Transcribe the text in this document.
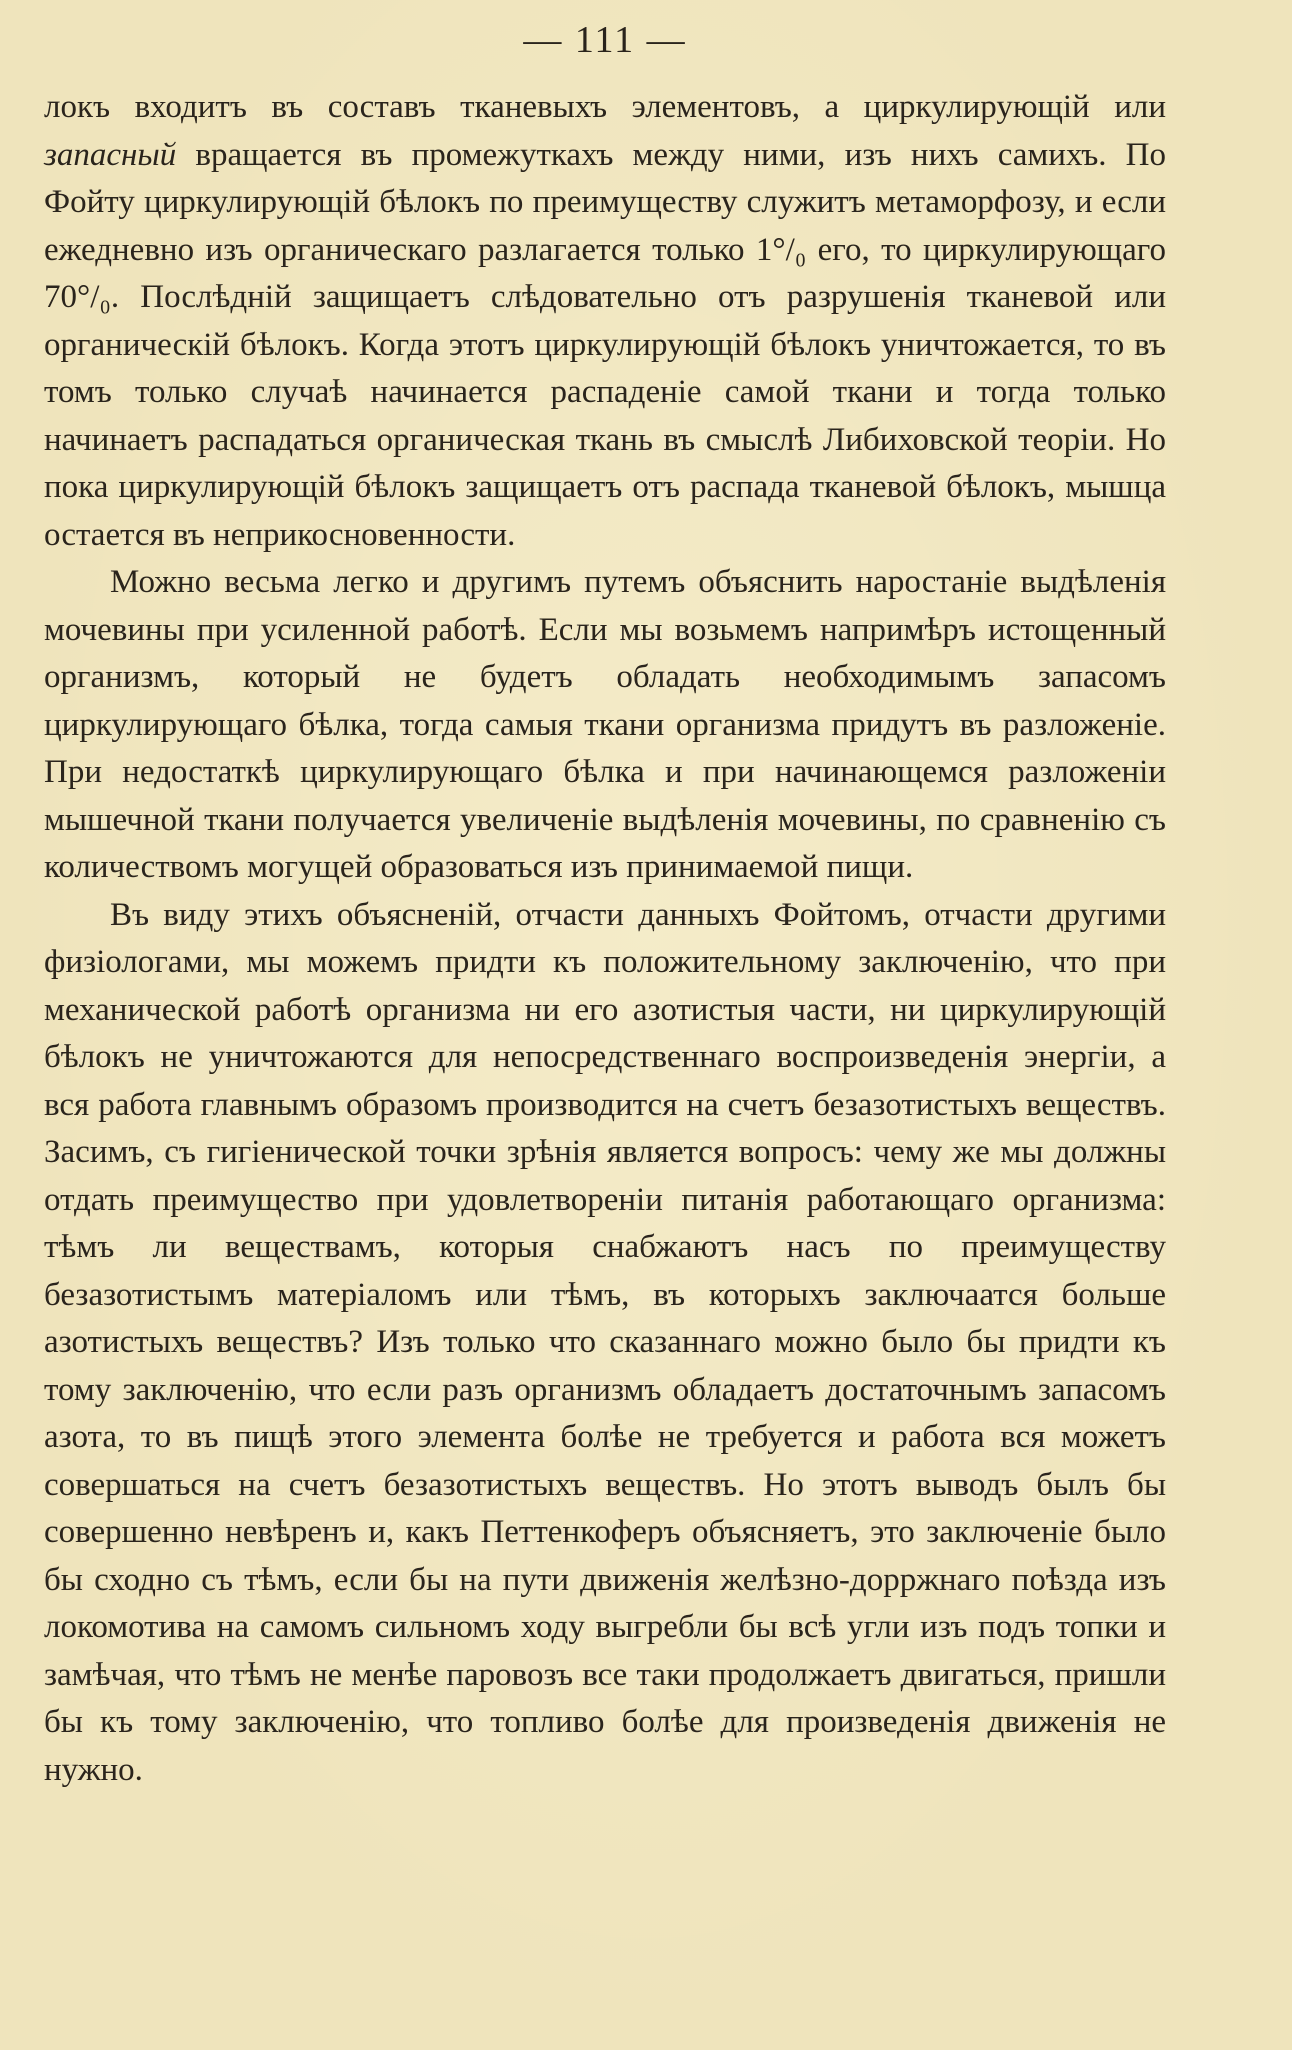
— 111 —

локъ входитъ въ составъ тканевыхъ элементовъ, а циркулирующій или запасный вращается въ промежуткахъ между ними, изъ нихъ самихъ. По Фойту циркулирующій бѣлокъ по преимуществу служитъ метаморфозу, и если ежедневно изъ органическаго разлагается только 1°/₀ его, то циркулирующаго 70°/₀. Послѣдній защищаетъ слѣдовательно отъ разрушенія тканевой или органическій бѣлокъ. Когда этотъ циркулирующій бѣлокъ уничтожается, то въ томъ только случаѣ начинается распаденіе самой ткани и тогда только начинаетъ распадаться органическая ткань въ смыслѣ Либиховской теоріи. Но пока циркулирующій бѣлокъ защищаетъ отъ распада тканевой бѣлокъ, мышца остается въ неприкосновенности.

Можно весьма легко и другимъ путемъ объяснить наростаніе выдѣленія мочевины при усиленной работѣ. Если мы возьмемъ напримѣръ истощенный организмъ, который не будетъ обладать необходимымъ запасомъ циркулирующаго бѣлка, тогда самыя ткани организма придутъ въ разложеніе. При недостаткѣ циркулирующаго бѣлка и при начинающемся разложеніи мышечной ткани получается увеличеніе выдѣленія мочевины, по сравненію съ количествомъ могущей образоваться изъ принимаемой пищи.

Въ виду этихъ объясненій, отчасти данныхъ Фойтомъ, отчасти другими физіологами, мы можемъ придти къ положительному заключенію, что при механической работѣ организма ни его азотистыя части, ни циркулирующій бѣлокъ не уничтожаются для непосредственнаго воспроизведенія энергіи, а вся работа главнымъ образомъ производится на счетъ безазотистыхъ веществъ. Засимъ, съ гигіенической точки зрѣнія является вопросъ: чему же мы должны отдать преимущество при удовлетвореніи питанія работающаго организма: тѣмъ ли веществамъ, которыя снабжаютъ насъ по преимуществу безазотистымъ матеріаломъ или тѣмъ, въ которыхъ заключаатся больше азотистыхъ веществъ? Изъ только что сказаннаго можно было бы придти къ тому заключенію, что если разъ организмъ обладаетъ достаточнымъ запасомъ азота, то въ пищѣ этого элемента болѣе не требуется и работа вся можетъ совершаться на счетъ безазотистыхъ веществъ. Но этотъ выводъ былъ бы совершенно невѣренъ и, какъ Петтенкоферъ объясняетъ, это заключеніе было бы сходно съ тѣмъ, если бы на пути движенія желѣзно-дорржнаго поѣзда изъ локомотива на самомъ сильномъ ходу выгребли бы всѣ угли изъ подъ топки и замѣчая, что тѣмъ не менѣе паровозъ все таки продолжаетъ двигаться, пришли бы къ тому заключенію, что топливо болѣе для произведенія движенія не нужно.
